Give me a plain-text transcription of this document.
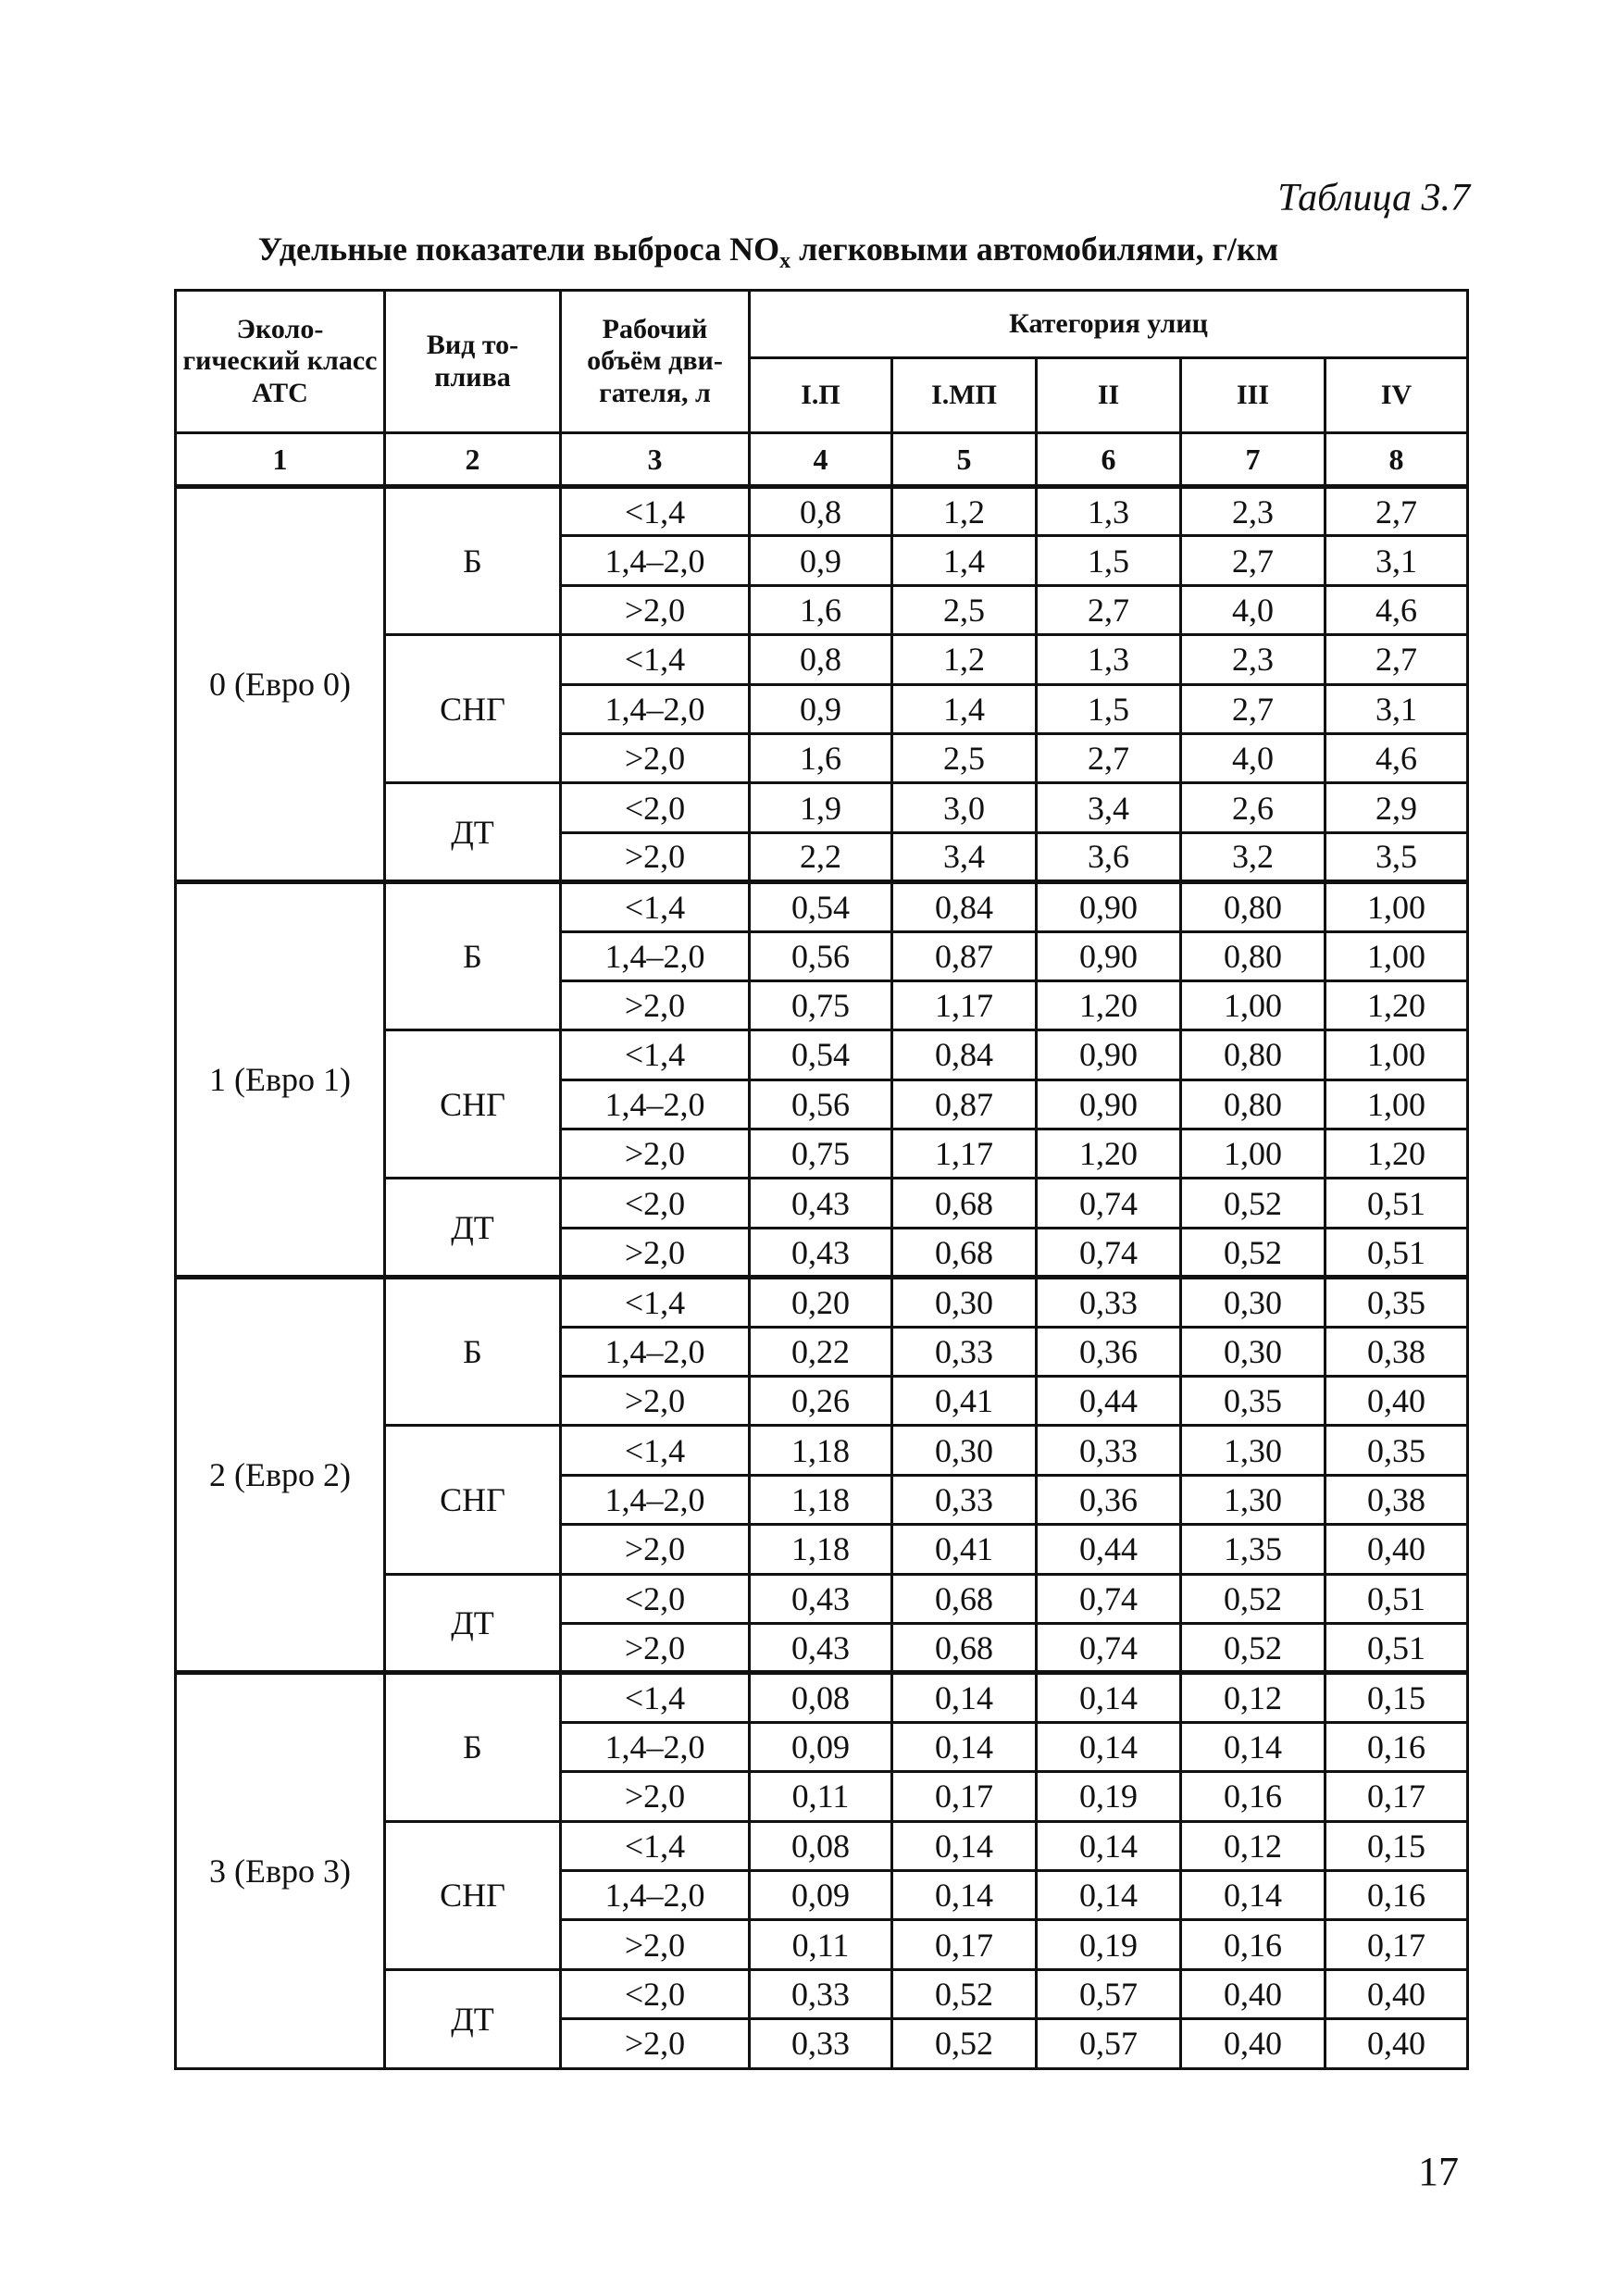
Таблица 3.7
Удельные показатели выброса $NO_x$ легковыми автомобилями, г/км
Эколо- гический класс АТС	Вид то- плива	Рабочий объём дви- гателя, л	Категория улиц				
			I.П	I.МП	II	III	IV
1	2	3	4	5	6	7	8
0 (Евро 0)	Б	<1,4	0,8	1,2	1,3	2,3	2,7
		1,4–2,0	0,9	1,4	1,5	2,7	3,1
		>2,0	1,6	2,5	2,7	4,0	4,6
	СНГ	<1,4	0,8	1,2	1,3	2,3	2,7
		1,4–2,0	0,9	1,4	1,5	2,7	3,1
		>2,0	1,6	2,5	2,7	4,0	4,6
	ДТ	<2,0	1,9	3,0	3,4	2,6	2,9
		>2,0	2,2	3,4	3,6	3,2	3,5
1 (Евро 1)	Б	<1,4	0,54	0,84	0,90	0,80	1,00
		1,4–2,0	0,56	0,87	0,90	0,80	1,00
		>2,0	0,75	1,17	1,20	1,00	1,20
	СНГ	<1,4	0,54	0,84	0,90	0,80	1,00
		1,4–2,0	0,56	0,87	0,90	0,80	1,00
		>2,0	0,75	1,17	1,20	1,00	1,20
	ДТ	<2,0	0,43	0,68	0,74	0,52	0,51
		>2,0	0,43	0,68	0,74	0,52	0,51
2 (Евро 2)	Б	<1,4	0,20	0,30	0,33	0,30	0,35
		1,4–2,0	0,22	0,33	0,36	0,30	0,38
		>2,0	0,26	0,41	0,44	0,35	0,40
	СНГ	<1,4	1,18	0,30	0,33	1,30	0,35
		1,4–2,0	1,18	0,33	0,36	1,30	0,38
		>2,0	1,18	0,41	0,44	1,35	0,40
	ДТ	<2,0	0,43	0,68	0,74	0,52	0,51
		>2,0	0,43	0,68	0,74	0,52	0,51
3 (Евро 3)	Б	<1,4	0,08	0,14	0,14	0,12	0,15
		1,4–2,0	0,09	0,14	0,14	0,14	0,16
		>2,0	0,11	0,17	0,19	0,16	0,17
	СНГ	<1,4	0,08	0,14	0,14	0,12	0,15
		1,4–2,0	0,09	0,14	0,14	0,14	0,16
		>2,0	0,11	0,17	0,19	0,16	0,17
	ДТ	<2,0	0,33	0,52	0,57	0,40	0,40
		>2,0	0,33	0,52	0,57	0,40	0,40
17
